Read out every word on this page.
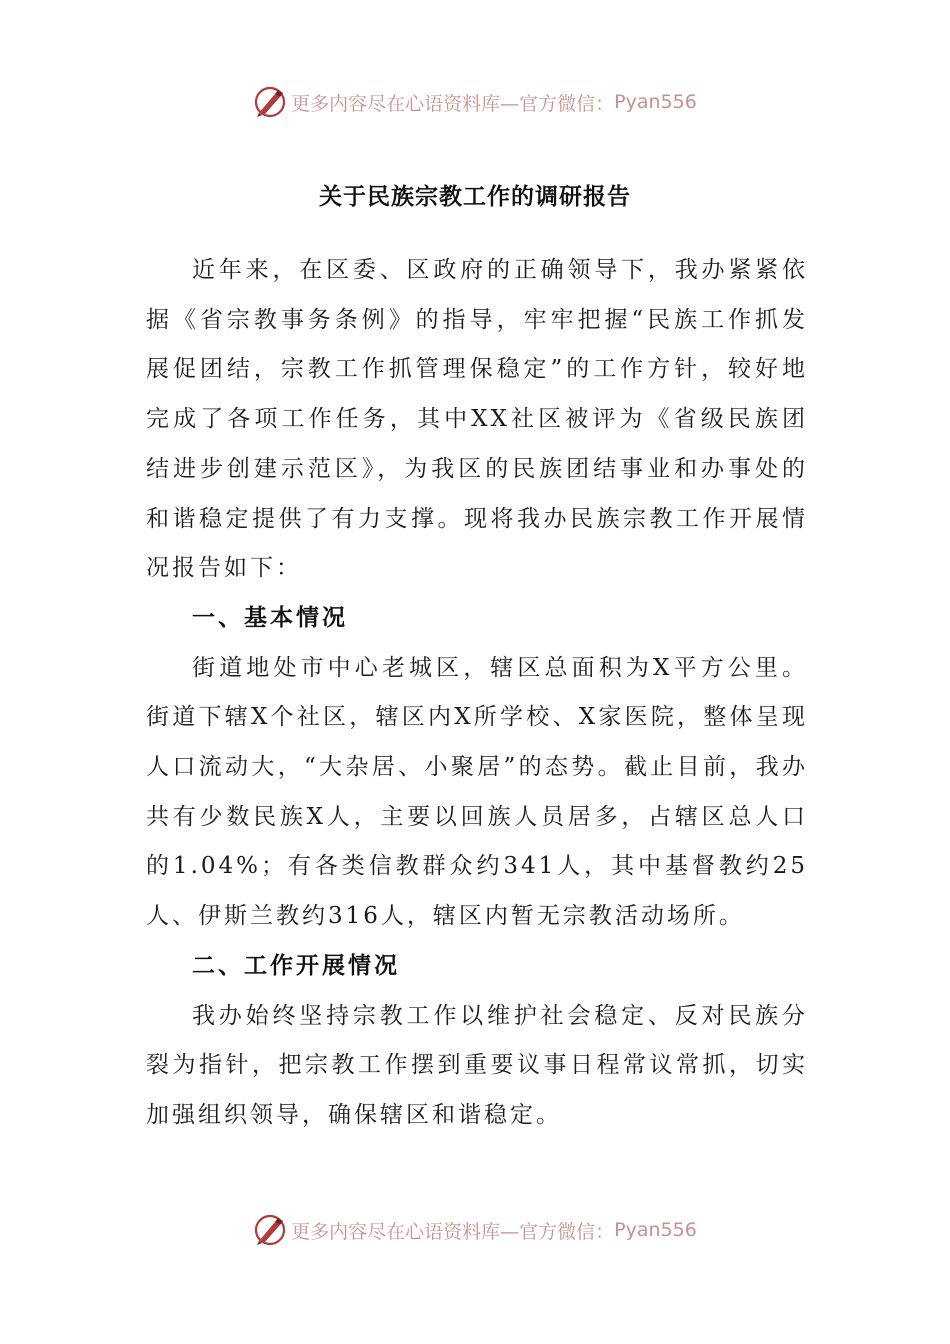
更多内容尽在心语资料库—官方微信： Pyan556
关于民族宗教工作的调研报告

近年来，在区委、区政府的正确领导下，我办紧紧依据《省宗教事务条例》的指导，牢牢把握“民族工作抓发展促团结，宗教工作抓管理保稳定”的工作方针，较好地完成了各项工作任务，其中XX社区被评为《省级民族团结进步创建示范区》，为我区的民族团结事业和办事处的和谐稳定提供了有力支撑。现将我办民族宗教工作开展情况报告如下：

一、基本情况

街道地处市中心老城区，辖区总面积为X平方公里。街道下辖X个社区，辖区内X所学校、X家医院，整体呈现人口流动大，“大杂居、小聚居”的态势。截止目前，我办共有少数民族X人，主要以回族人员居多，占辖区总人口的1.04%；有各类信教群众约341人，其中基督教约25人、伊斯兰教约316人，辖区内暂无宗教活动场所。

二、工作开展情况

我办始终坚持宗教工作以维护社会稳定、反对民族分裂为指针，把宗教工作摆到重要议事日程常议常抓，切实加强组织领导，确保辖区和谐稳定。

更多内容尽在心语资料库—官方微信： Pyan556
